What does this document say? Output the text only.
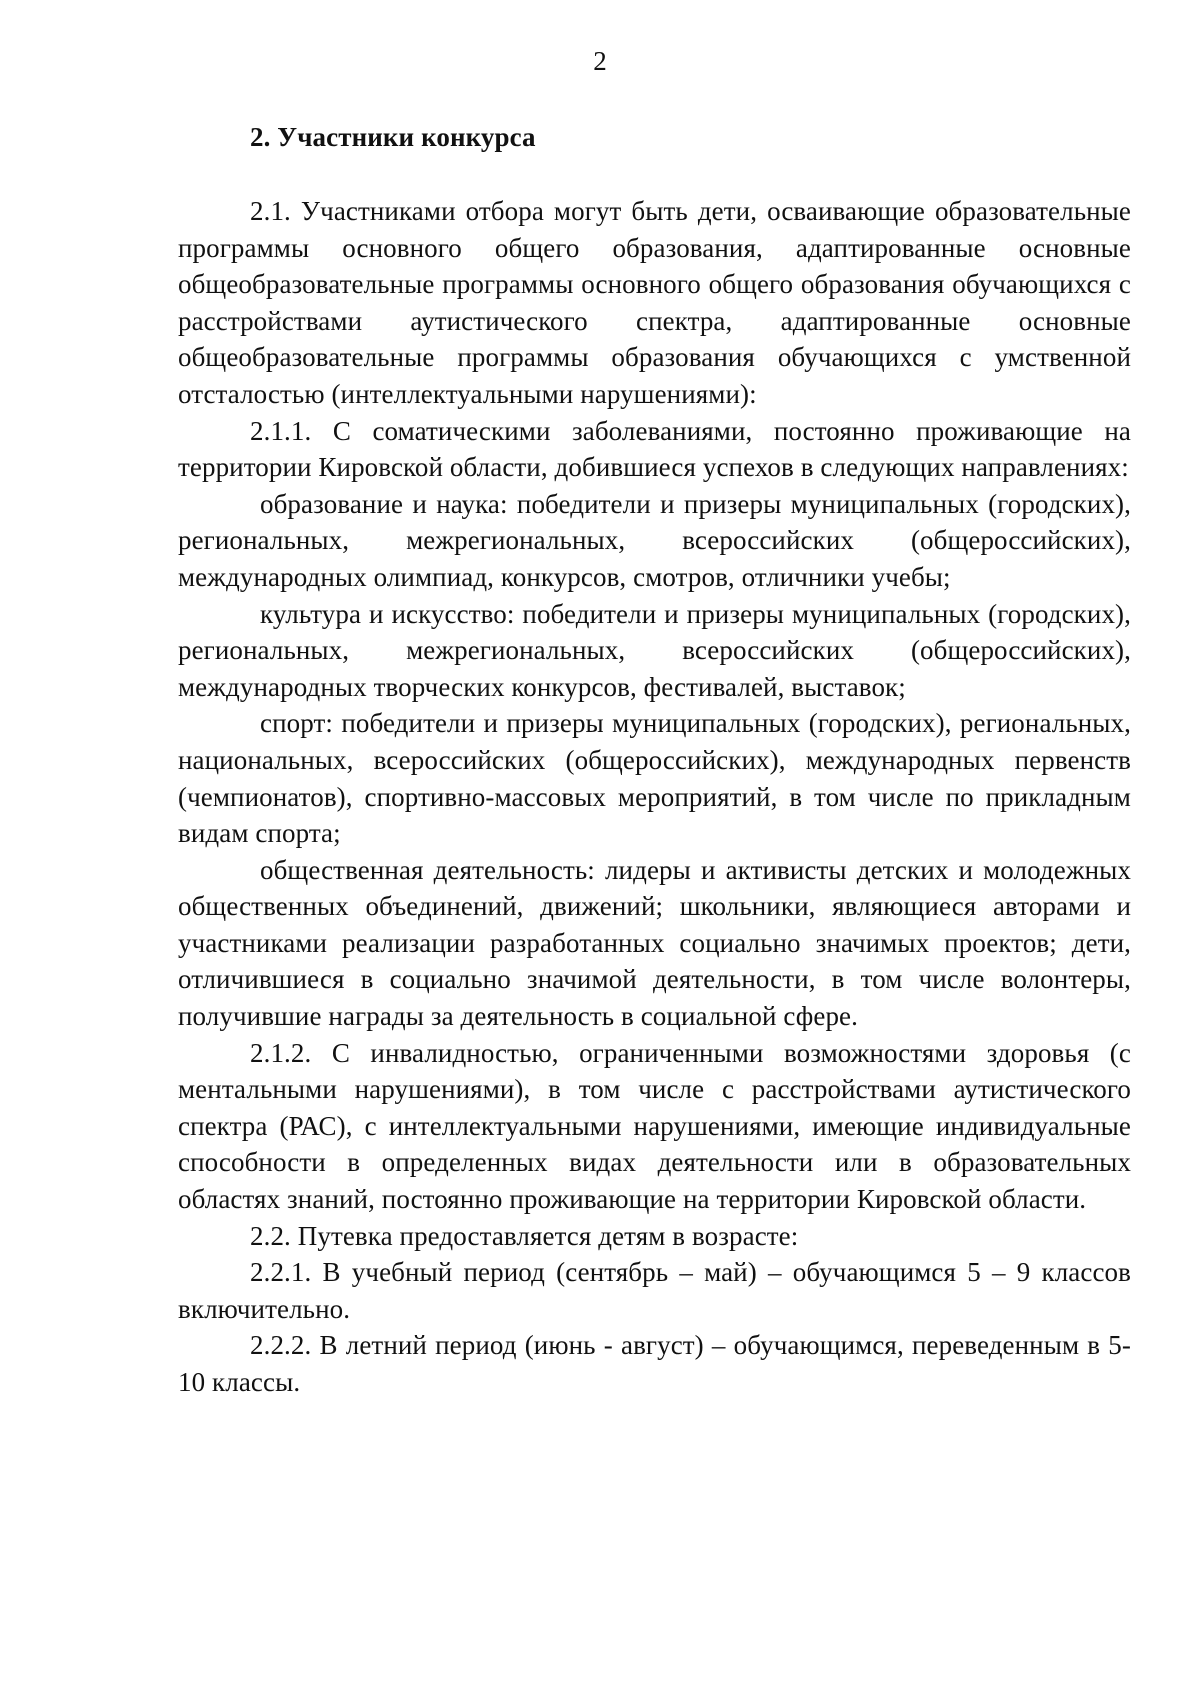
2
2. Участники конкурса

2.1. Участниками отбора могут быть дети, осваивающие образовательные программы основного общего образования, адаптированные основные общеобразовательные программы основного общего образования обучающихся с расстройствами аутистического спектра, адаптированные основные общеобразовательные программы образования обучающихся с умственной отсталостью (интеллектуальными нарушениями):

2.1.1. С соматическими заболеваниями, постоянно проживающие на территории Кировской области, добившиеся успехов в следующих направлениях:

образование и наука: победители и призеры муниципальных (городских), региональных, межрегиональных, всероссийских (общероссийских), международных олимпиад, конкурсов, смотров, отличники учебы;

культура и искусство: победители и призеры муниципальных (городских), региональных, межрегиональных, всероссийских (общероссийских), международных творческих конкурсов, фестивалей, выставок;

спорт: победители и призеры муниципальных (городских), региональных, национальных, всероссийских (общероссийских), международных первенств (чемпионатов), спортивно-массовых мероприятий, в том числе по прикладным видам спорта;

общественная деятельность: лидеры и активисты детских и молодежных общественных объединений, движений; школьники, являющиеся авторами и участниками реализации разработанных социально значимых проектов; дети, отличившиеся в социально значимой деятельности, в том числе волонтеры, получившие награды за деятельность в социальной сфере.

2.1.2. С инвалидностью, ограниченными возможностями здоровья (с ментальными нарушениями), в том числе с расстройствами аутистического спектра (РАС), с интеллектуальными нарушениями, имеющие индивидуальные способности в определенных видах деятельности или в образовательных областях знаний, постоянно проживающие на территории Кировской области.

2.2. Путевка предоставляется детям в возрасте:

2.2.1. В учебный период (сентябрь – май) – обучающимся 5 – 9 классов включительно.

2.2.2. В летний период (июнь - август) – обучающимся, переведенным в 5-10 классы.
